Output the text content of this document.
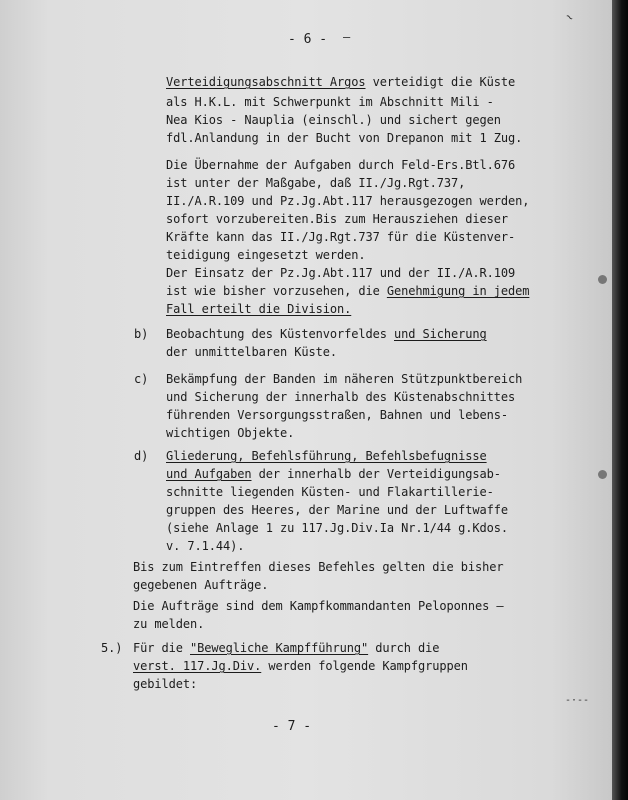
- 6 - —
~
Verteidigungsabschnitt Argos verteidigt die Küste
als H.K.L. mit Schwerpunkt im Abschnitt Mili -
Nea Kios - Nauplia (einschl.) und sichert gegen
fdl.Anlandung in der Bucht von Drepanon mit 1 Zug.
Die Übernahme der Aufgaben durch Feld-Ers.Btl.676
ist unter der Maßgabe, daß II./Jg.Rgt.737,
II./A.R.109 und Pz.Jg.Abt.117 herausgezogen werden,
sofort vorzubereiten.Bis zum Herausziehen dieser
Kräfte kann das II./Jg.Rgt.737 für die Küstenver-
teidigung eingesetzt werden.
Der Einsatz der Pz.Jg.Abt.117 und der II./A.R.109
ist wie bisher vorzusehen, die Genehmigung in jedem
Fall erteilt die Division.
b) Beobachtung des Küstenvorfeldes und Sicherung
der unmittelbaren Küste.
c) Bekämpfung der Banden im näheren Stützpunktbereich
und Sicherung der innerhalb des Küstenabschnittes
führenden Versorgungsstraßen, Bahnen und lebens-
wichtigen Objekte.
d) Gliederung, Befehlsführung, Befehlsbefugnisse
und Aufgaben der innerhalb der Verteidigungsab-
schnitte liegenden Küsten- und Flakartillerie-
gruppen des Heeres, der Marine und der Luftwaffe
(siehe Anlage 1 zu 117.Jg.Div.Ia Nr.1/44 g.Kdos.
v. 7.1.44).
Bis zum Eintreffen dieses Befehles gelten die bisher
gegebenen Aufträge.
Die Aufträge sind dem Kampfkommandanten Peloponnes —
zu melden.
5.) Für die "Bewegliche Kampfführung" durch die
verst. 117.Jg.Div. werden folgende Kampfgruppen
gebildet:
- 7 -
-·--
